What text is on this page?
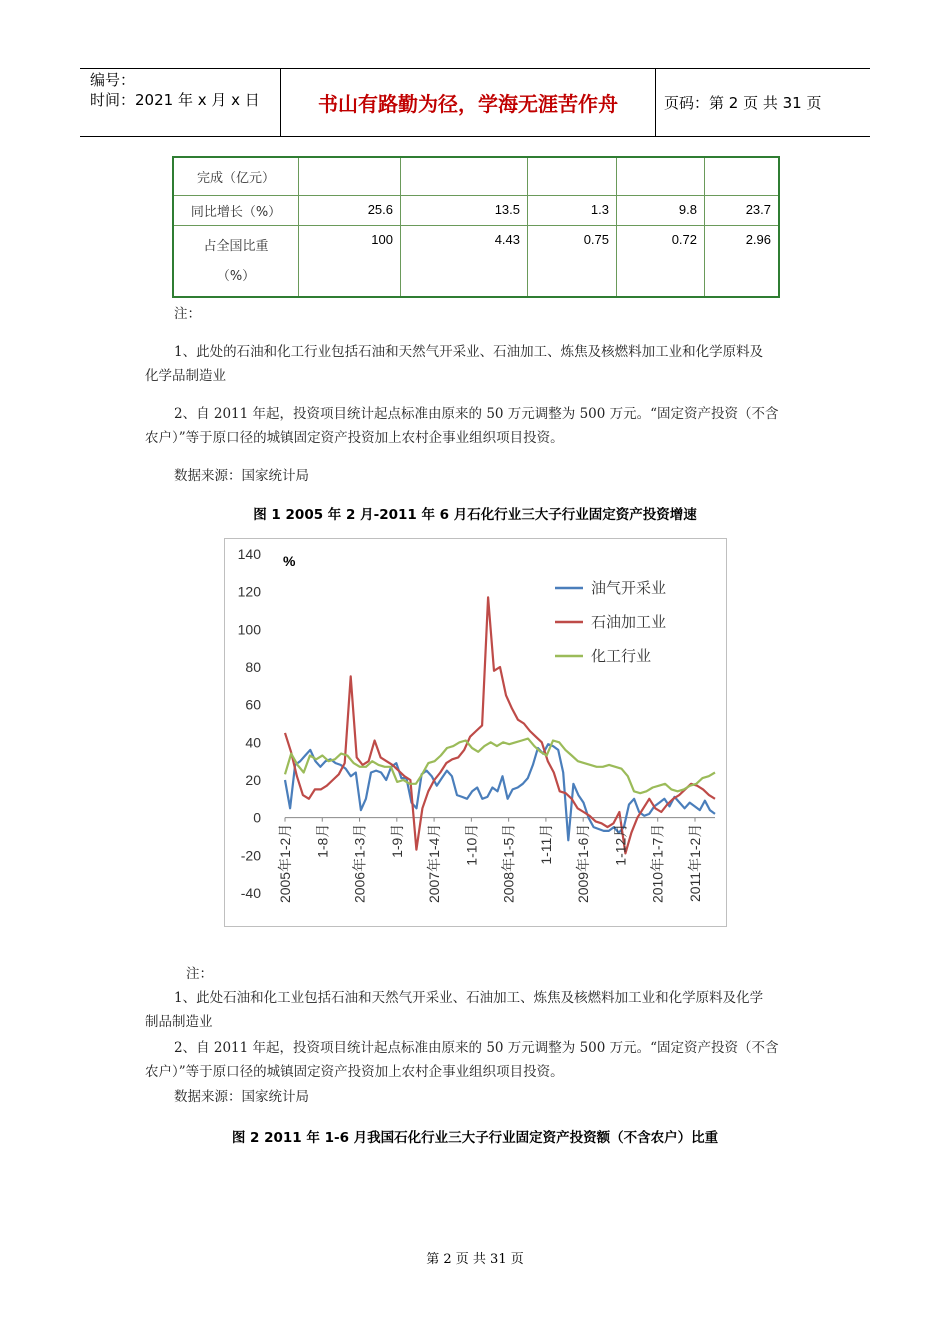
编号：
时间：2021 年 x 月 x 日	书山有路勤为径，学海无涯苦作舟	页码：第 2 页 共 31 页
完成（亿元）					
同比增长（%）	25.6	13.5	1.3	9.8	23.7
占全国比重
（%）	100	4.43	0.75	0.72	2.96
注：
1、此处的石油和化工行业包括石油和天然气开采业、石油加工、炼焦及核燃料加工业和化学原料及
化学品制造业
2、自 2011 年起，投资项目统计起点标准由原来的 50 万元调整为 500 万元。“固定资产投资（不含
农户）”等于原口径的城镇固定资产投资加上农村企事业组织项目投资。
数据来源：国家统计局
图 1 2005 年 2 月-2011 年 6 月石化行业三大子行业固定资产投资增速
140
120
100
80
60
40
20
0
-20
-40 2005年1-2月 1-8月 2006年1-3月 1-9月 2007年1-4月 1-10月 2008年1-5月 1-11月 2009年1-6月 1-12月 2010年1-7月 2011年1-2月
%
油气开采业
石油加工业
化工行业
注：
1、此处石油和化工业包括石油和天然气开采业、石油加工、炼焦及核燃料加工业和化学原料及化学
制品制造业
2、自 2011 年起，投资项目统计起点标准由原来的 50 万元调整为 500 万元。“固定资产投资（不含
农户）”等于原口径的城镇固定资产投资加上农村企事业组织项目投资。
数据来源：国家统计局
图 2 2011 年 1-6 月我国石化行业三大子行业固定资产投资额（不含农户）比重
第 2 页 共 31 页
